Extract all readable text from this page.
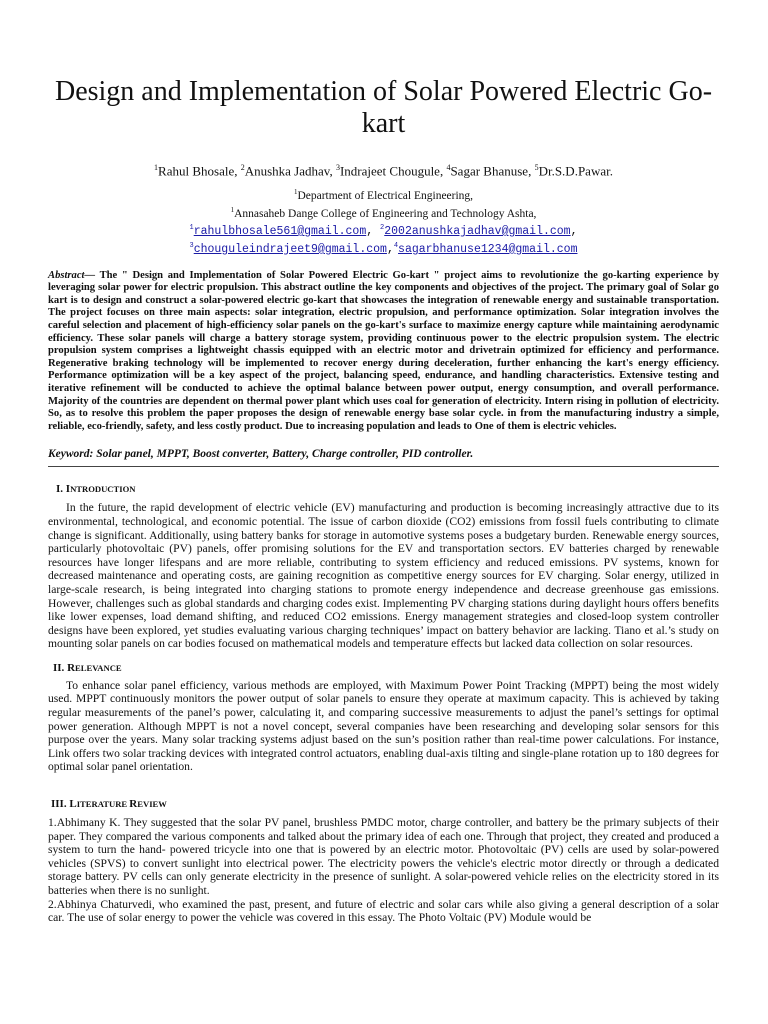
Design and Implementation of Solar Powered Electric Go-kart
$^1$Rahul Bhosale, $^2$Anushka Jadhav, $^3$Indrajeet Chougule, $^4$Sagar Bhanuse, $^5$Dr.S.D.Pawar.
$^1$Department of Electrical Engineering,
$^1$Annasaheb Dange College of Engineering and Technology Ashta,
$^1$rahulbhosale561@gmail.com, $^2$2002anushkajadhav@gmail.com,
$^3$chouguleindrajeet9@gmail.com,$^4$sagarbhanuse1234@gmail.com

Abstract— The " Design and Implementation of Solar Powered Electric Go-kart " project aims to revolutionize the go-karting experience by leveraging solar power for electric propulsion. This abstract outline the key components and objectives of the project. The primary goal of Solar go kart is to design and construct a solar-powered electric go-kart that showcases the integration of renewable energy and sustainable transportation. The project focuses on three main aspects: solar integration, electric propulsion, and performance optimization. Solar integration involves the careful selection and placement of high-efficiency solar panels on the go-kart's surface to maximize energy capture while maintaining aerodynamic efficiency. These solar panels will charge a battery storage system, providing continuous power to the electric propulsion system. The electric propulsion system comprises a lightweight chassis equipped with an electric motor and drivetrain optimized for efficiency and performance. Regenerative braking technology will be implemented to recover energy during deceleration, further enhancing the kart's energy efficiency. Performance optimization will be a key aspect of the project, balancing speed, endurance, and handling characteristics. Extensive testing and iterative refinement will be conducted to achieve the optimal balance between power output, energy consumption, and overall performance. Majority of the countries are dependent on thermal power plant which uses coal for generation of electricity. Intern rising in pollution of electricity. So, as to resolve this problem the paper proposes the design of renewable energy base solar cycle. in from the manufacturing industry a simple, reliable, eco-friendly, safety, and less costly product. Due to increasing population and leads to One of them is electric vehicles.

Keyword: Solar panel, MPPT, Boost converter, Battery, Charge controller, PID controller.
I. INTRODUCTION

In the future, the rapid development of electric vehicle (EV) manufacturing and production is becoming increasingly attractive due to its environmental, technological, and economic potential. The issue of carbon dioxide (CO2) emissions from fossil fuels contributing to climate change is significant. Additionally, using battery banks for storage in automotive systems poses a budgetary burden. Renewable energy sources, particularly photovoltaic (PV) panels, offer promising solutions for the EV and transportation sectors. EV batteries charged by renewable resources have longer lifespans and are more reliable, contributing to system efficiency and reduced emissions. PV systems, known for decreased maintenance and operating costs, are gaining recognition as competitive energy sources for EV charging. Solar energy, utilized in large-scale research, is being integrated into charging stations to promote energy independence and decrease greenhouse gas emissions. However, challenges such as global standards and charging codes exist. Implementing PV charging stations during daylight hours offers benefits like lower expenses, load demand shifting, and reduced CO2 emissions. Energy management strategies and closed-loop system controller designs have been explored, yet studies evaluating various charging techniques’ impact on battery behavior are lacking. Tiano et al.’s study on mounting solar panels on car bodies focused on mathematical models and temperature effects but lacked data collection on solar resources.

II. RELEVANCE

To enhance solar panel efficiency, various methods are employed, with Maximum Power Point Tracking (MPPT) being the most widely used. MPPT continuously monitors the power output of solar panels to ensure they operate at maximum capacity. This is achieved by taking regular measurements of the panel’s power, calculating it, and comparing successive measurements to adjust the panel’s settings for optimal power generation. Although MPPT is not a novel concept, several companies have been researching and developing solar sensors for this purpose over the years. Many solar tracking systems adjust based on the sun’s position rather than real-time power calculations. For instance, Link offers two solar tracking devices with integrated control actuators, enabling dual-axis tilting and single-plane rotation up to 180 degrees for optimal solar panel orientation.

III. LITERATURE REVIEW

1.Abhimany K. They suggested that the solar PV panel, brushless PMDC motor, charge controller, and battery be the primary subjects of their paper. They compared the various components and talked about the primary idea of each one. Through that project, they created and produced a system to turn the hand- powered tricycle into one that is powered by an electric motor. Photovoltaic (PV) cells are used by solar-powered vehicles (SPVS) to convert sunlight into electrical power. The electricity powers the vehicle's electric motor directly or through a dedicated storage battery. PV cells can only generate electricity in the presence of sunlight. A solar-powered vehicle relies on the electricity stored in its batteries when there is no sunlight.

2.Abhinya Chaturvedi, who examined the past, present, and future of electric and solar cars while also giving a general description of a solar car. The use of solar energy to power the vehicle was covered in this essay. The Photo Voltaic (PV) Module would be
